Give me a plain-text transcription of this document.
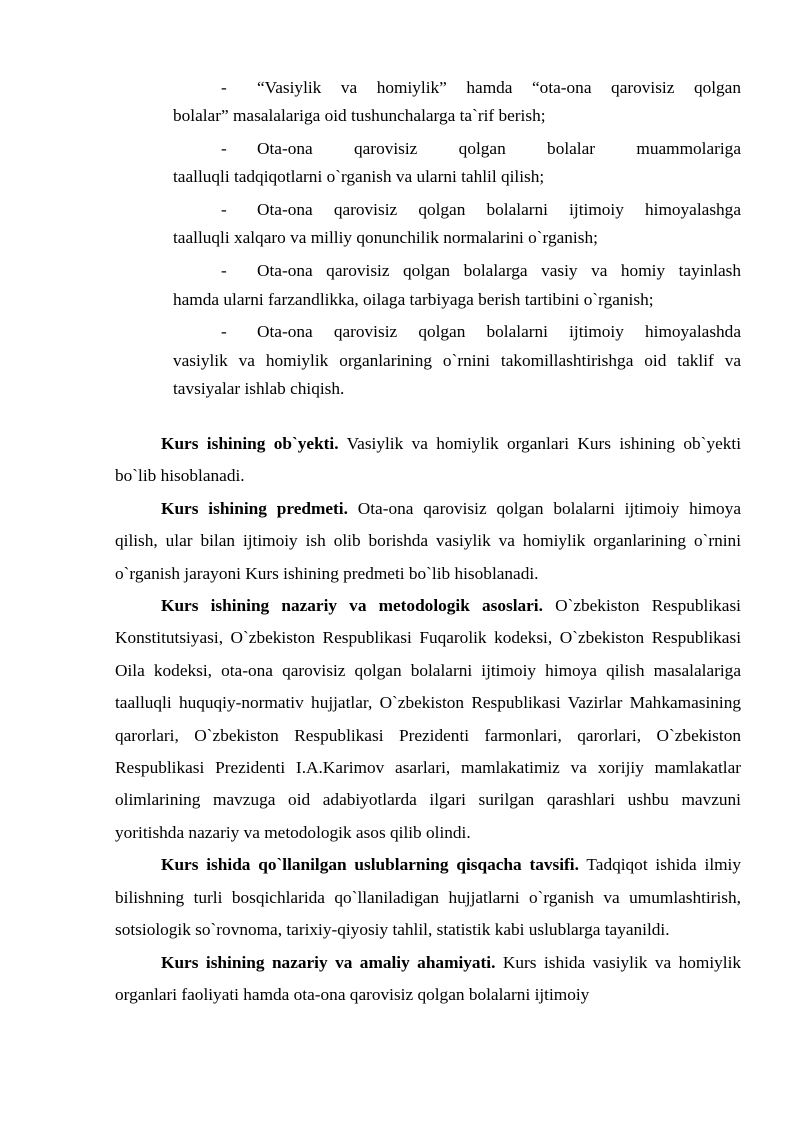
-	“Vasiylik va homiylik” hamda “ota-ona qarovisiz qolgan
bolalar” masalalariga oid tushunchalarga ta`rif berish;
-	Ota-ona qarovisiz qolgan bolalar muammolariga
taalluqli tadqiqotlarni o`rganish va ularni tahlil qilish;
-	Ota-ona qarovisiz qolgan bolalarni ijtimoiy himoyalashga
taalluqli xalqaro va milliy qonunchilik normalarini o`rganish;
-	Ota-ona qarovisiz qolgan bolalarga vasiy va homiy tayinlash
hamda ularni farzandlikka, oilaga tarbiyaga berish tartibini o`rganish;
-	Ota-ona qarovisiz qolgan bolalarni ijtimoiy himoyalashda
vasiylik va homiylik organlarining o`rnini takomillashtirishga oid taklif va tavsiyalar ishlab chiqish.

Kurs ishining ob`yekti. Vasiylik va homiylik organlari Kurs ishining ob`yekti bo`lib hisoblanadi.

Kurs ishining predmeti. Ota-ona qarovisiz qolgan bolalarni ijtimoiy himoya qilish, ular bilan ijtimoiy ish olib borishda vasiylik va homiylik organlarining o`rnini o`rganish jarayoni Kurs ishining predmeti bo`lib hisoblanadi.

Kurs ishining nazariy va metodologik asoslari. O`zbekiston Respublikasi Konstitutsiyasi, O`zbekiston Respublikasi Fuqarolik kodeksi, O`zbekiston Respublikasi Oila kodeksi, ota-ona qarovisiz qolgan bolalarni ijtimoiy himoya qilish masalalariga taalluqli huquqiy-normativ hujjatlar, O`zbekiston Respublikasi Vazirlar Mahkamasining qarorlari, O`zbekiston Respublikasi Prezidenti farmonlari, qarorlari, O`zbekiston Respublikasi Prezidenti I.A.Karimov asarlari, mamlakatimiz va xorijiy mamlakatlar olimlarining mavzuga oid adabiyotlarda ilgari surilgan qarashlari ushbu mavzuni yoritishda nazariy va metodologik asos qilib olindi.

Kurs ishida qo`llanilgan uslublarning qisqacha tavsifi. Tadqiqot ishida ilmiy bilishning turli bosqichlarida qo`llaniladigan hujjatlarni o`rganish va umumlashtirish, sotsiologik so`rovnoma, tarixiy-qiyosiy tahlil, statistik kabi uslublarga tayanildi.

Kurs ishining nazariy va amaliy ahamiyati. Kurs ishida vasiylik va homiylik organlari faoliyati hamda ota-ona qarovisiz qolgan bolalarni ijtimoiy
